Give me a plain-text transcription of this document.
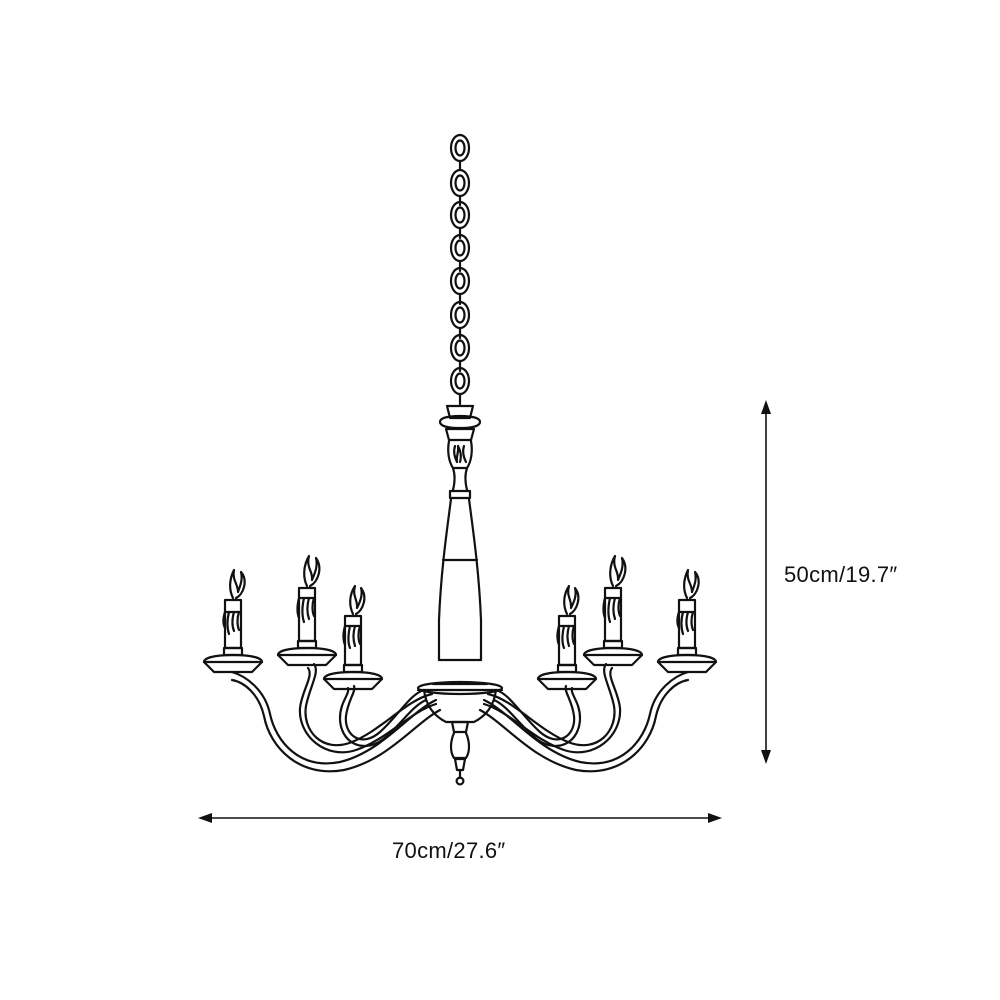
50cm/19.7″
70cm/27.6″
